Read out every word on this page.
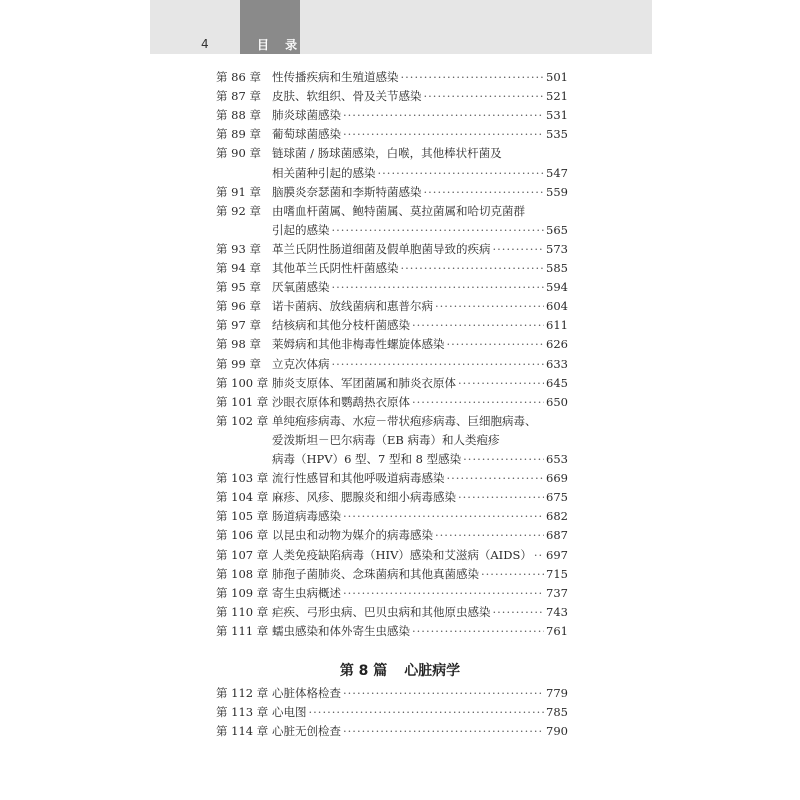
4	目 录
第 86 章 性传播疾病和生殖道感染 ·····	501
第 87 章 皮肤、软组织、骨及关节感染 ·····	521
第 88 章 肺炎球菌感染 ·····	531
第 89 章 葡萄球菌感染 ·····	535
第 90 章 链球菌 / 肠球菌感染，白喉，其他棒状杆菌及
相关菌种引起的感染 ·····	547
第 91 章 脑膜炎奈瑟菌和李斯特菌感染 ·····	559
第 92 章 由嗜血杆菌属、鲍特菌属、莫拉菌属和哈切克菌群
引起的感染 ·····	565
第 93 章 革兰氏阴性肠道细菌及假单胞菌导致的疾病 ·····	573
第 94 章 其他革兰氏阴性杆菌感染 ·····	585
第 95 章 厌氧菌感染 ·····	594
第 96 章 诺卡菌病、放线菌病和惠普尔病 ·····	604
第 97 章 结核病和其他分枝杆菌感染 ·····	611
第 98 章 莱姆病和其他非梅毒性螺旋体感染 ·····	626
第 99 章 立克次体病 ·····	633
第 100 章 肺炎支原体、军团菌属和肺炎衣原体 ·····	645
第 101 章 沙眼衣原体和鹦鹉热衣原体 ·····	650
第 102 章 单纯疱疹病毒、水痘－带状疱疹病毒、巨细胞病毒、
爱泼斯坦－巴尔病毒（EB 病毒）和人类疱疹
病毒（HPV）6 型、7 型和 8 型感染 ·····	653
第 103 章 流行性感冒和其他呼吸道病毒感染 ·····	669
第 104 章 麻疹、风疹、腮腺炎和细小病毒感染 ·····	675
第 105 章 肠道病毒感染 ·····	682
第 106 章 以昆虫和动物为媒介的病毒感染 ·····	687
第 107 章 人类免疫缺陷病毒（HIV）感染和艾滋病（AIDS） ····· 697
第 108 章 肺孢子菌肺炎、念珠菌病和其他真菌感染 ·····	715
第 109 章 寄生虫病概述 ·····	737
第 110 章 疟疾、弓形虫病、巴贝虫病和其他原虫感染 ·····	743
第 111 章 蠕虫感染和体外寄生虫感染 ·····	761
第 112 章 心脏体格检查 ·····	779
第 113 章 心电图 ·····	785
第 114 章 心脏无创检查 ·····	790
第 8 篇 心脏病学
